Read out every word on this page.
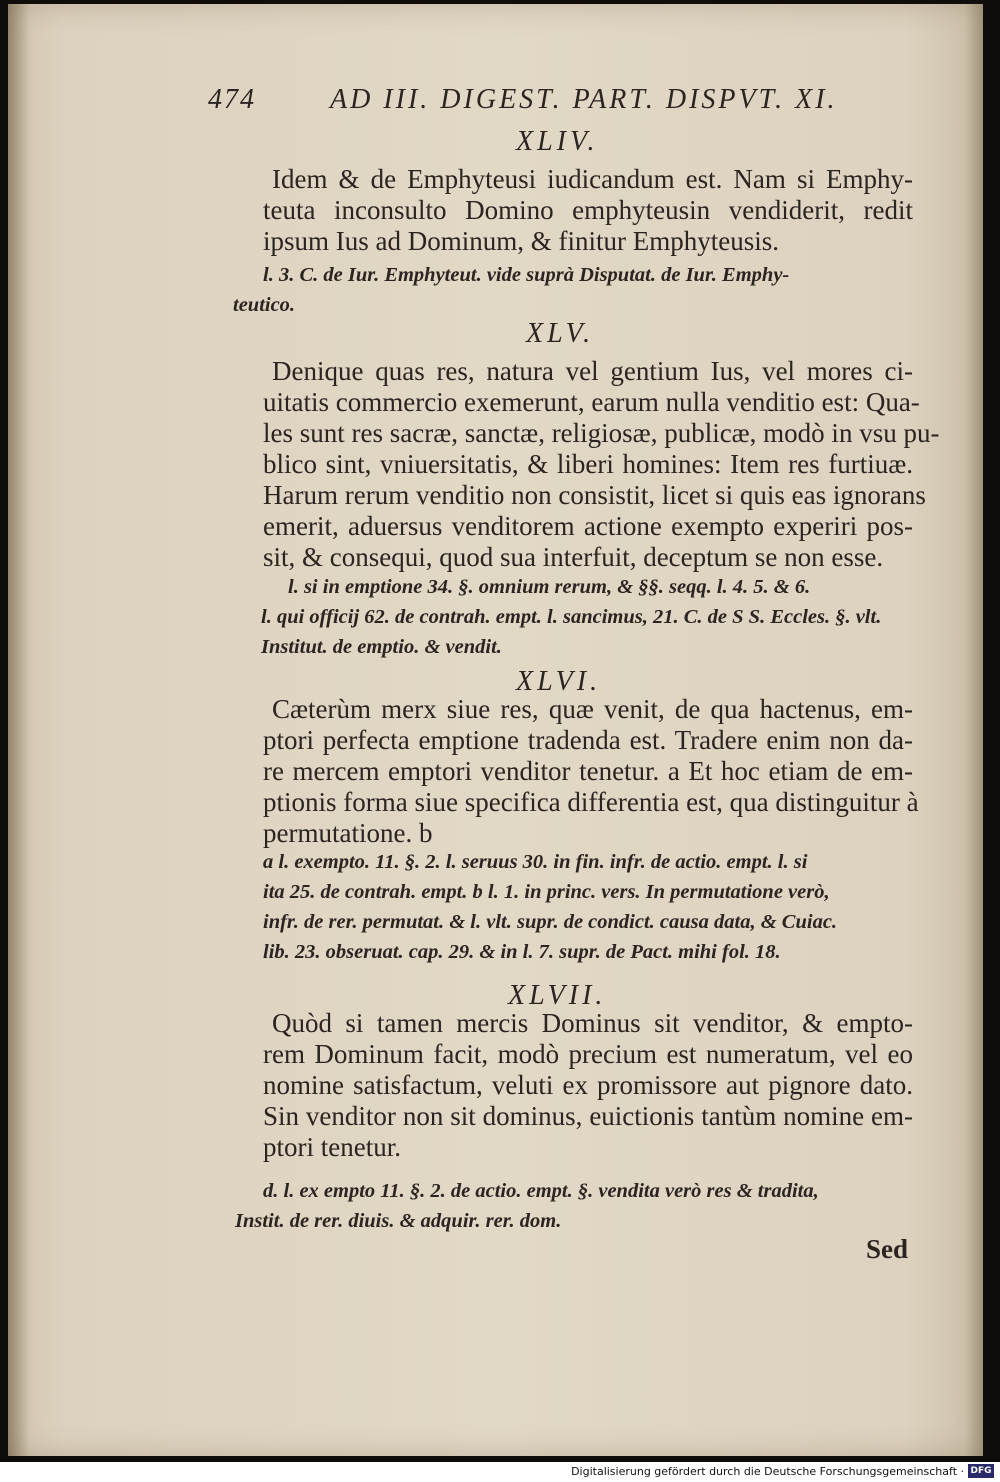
474	AD III. DIGEST. PART. DISPVT. XI.
XLIV.
Idem & de Emphyteusi iudicandum est. Nam si Emphy-
teuta inconsulto Domino emphyteusin vendiderit, redit
ipsum Ius ad Dominum, & finitur Emphyteusis.
l. 3. C. de Iur. Emphyteut. vide suprà Disputat. de Iur. Emphy-
teutico.
XLV.
Denique quas res, natura vel gentium Ius, vel mores ci-
uitatis commercio exemerunt, earum nulla venditio est: Qua-
les sunt res sacræ, sanctæ, religiosæ, publicæ, modò in vsu pu-
blico sint, vniuersitatis, & liberi homines: Item res furtiuæ.
Harum rerum venditio non consistit, licet si quis eas ignorans
emerit, aduersus venditorem actione exempto experiri pos-
sit, & consequi, quod sua interfuit, deceptum se non esse.
l. si in emptione 34. §. omnium rerum, & §§. seqq. l. 4. 5. & 6.
l. qui officij 62. de contrah. empt. l. sancimus, 21. C. de S S. Eccles. §. vlt.
Institut. de emptio. & vendit.
XLVI.
Cæterùm merx siue res, quæ venit, de qua hactenus, em-
ptori perfecta emptione tradenda est. Tradere enim non da-
re mercem emptori venditor tenetur. a Et hoc etiam de em-
ptionis forma siue specifica differentia est, qua distinguitur à
permutatione. b
a l. exempto. 11. §. 2. l. seruus 30. in fin. infr. de actio. empt. l. si
ita 25. de contrah. empt. b l. 1. in princ. vers. In permutatione verò,
infr. de rer. permutat. & l. vlt. supr. de condict. causa data, & Cuiac.
lib. 23. obseruat. cap. 29. & in l. 7. supr. de Pact. mihi fol. 18.
XLVII.
Quòd si tamen mercis Dominus sit venditor, & empto-
rem Dominum facit, modò precium est numeratum, vel eo
nomine satisfactum, veluti ex promissore aut pignore dato.
Sin venditor non sit dominus, euictionis tantùm nomine em-
ptori tenetur.
d. l. ex empto 11. §. 2. de actio. empt. §. vendita verò res & tradita,
Instit. de rer. diuis. & adquir. rer. dom.
Sed
Digitalisierung gefördert durch die Deutsche Forschungsgemeinschaft · DFG
